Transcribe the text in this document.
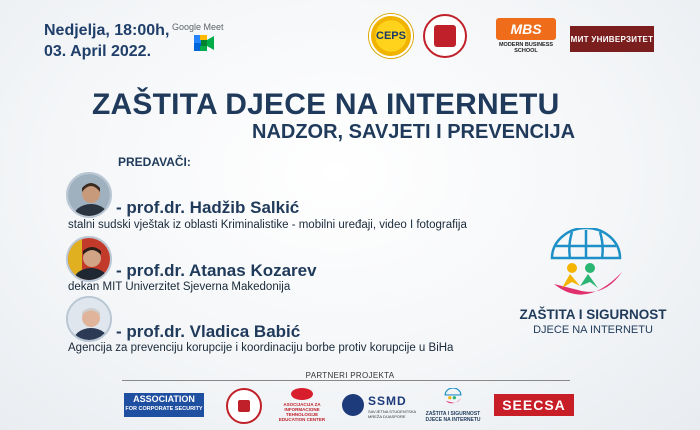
Nedjelja, 18:00h,
03. April 2022.
Google Meet
CEPS	MBS
MODERN BUSINESS SCHOOL
МИТ УНИВЕРЗИТЕТ
ZAŠTITA DJECE NA INTERNETU
NADZOR, SAVJETI I PREVENCIJA
PREDAVAČI:
- prof.dr. Hadžib Salkić
stalni sudski vještak iz oblasti Kriminalistike - mobilni uređaji, video I fotografija
- prof.dr. Atanas Kozarev
dekan MIT Univerzitet Sjeverna Makedonija
- prof.dr. Vladica Babić
Agencija za prevenciju korupcije i koordinaciju borbe protiv korupcije u BiHa
ZAŠTITA I SIGURNOST
DJECE NA INTERNETU
PARTNERI PROJEKTA
ASSOCIATION
FOR CORPORATE SECURITY
ASOCIJACIJA ZA INFORMACIONE TEHNOLOGIJE EDUCATION CENTER
SSMD
SAVJETNA STUDENTSKA MREŽA DIJASPORE	ZAŠTITA I SIGURNOST DJECE NA INTERNETU
SEECSA
